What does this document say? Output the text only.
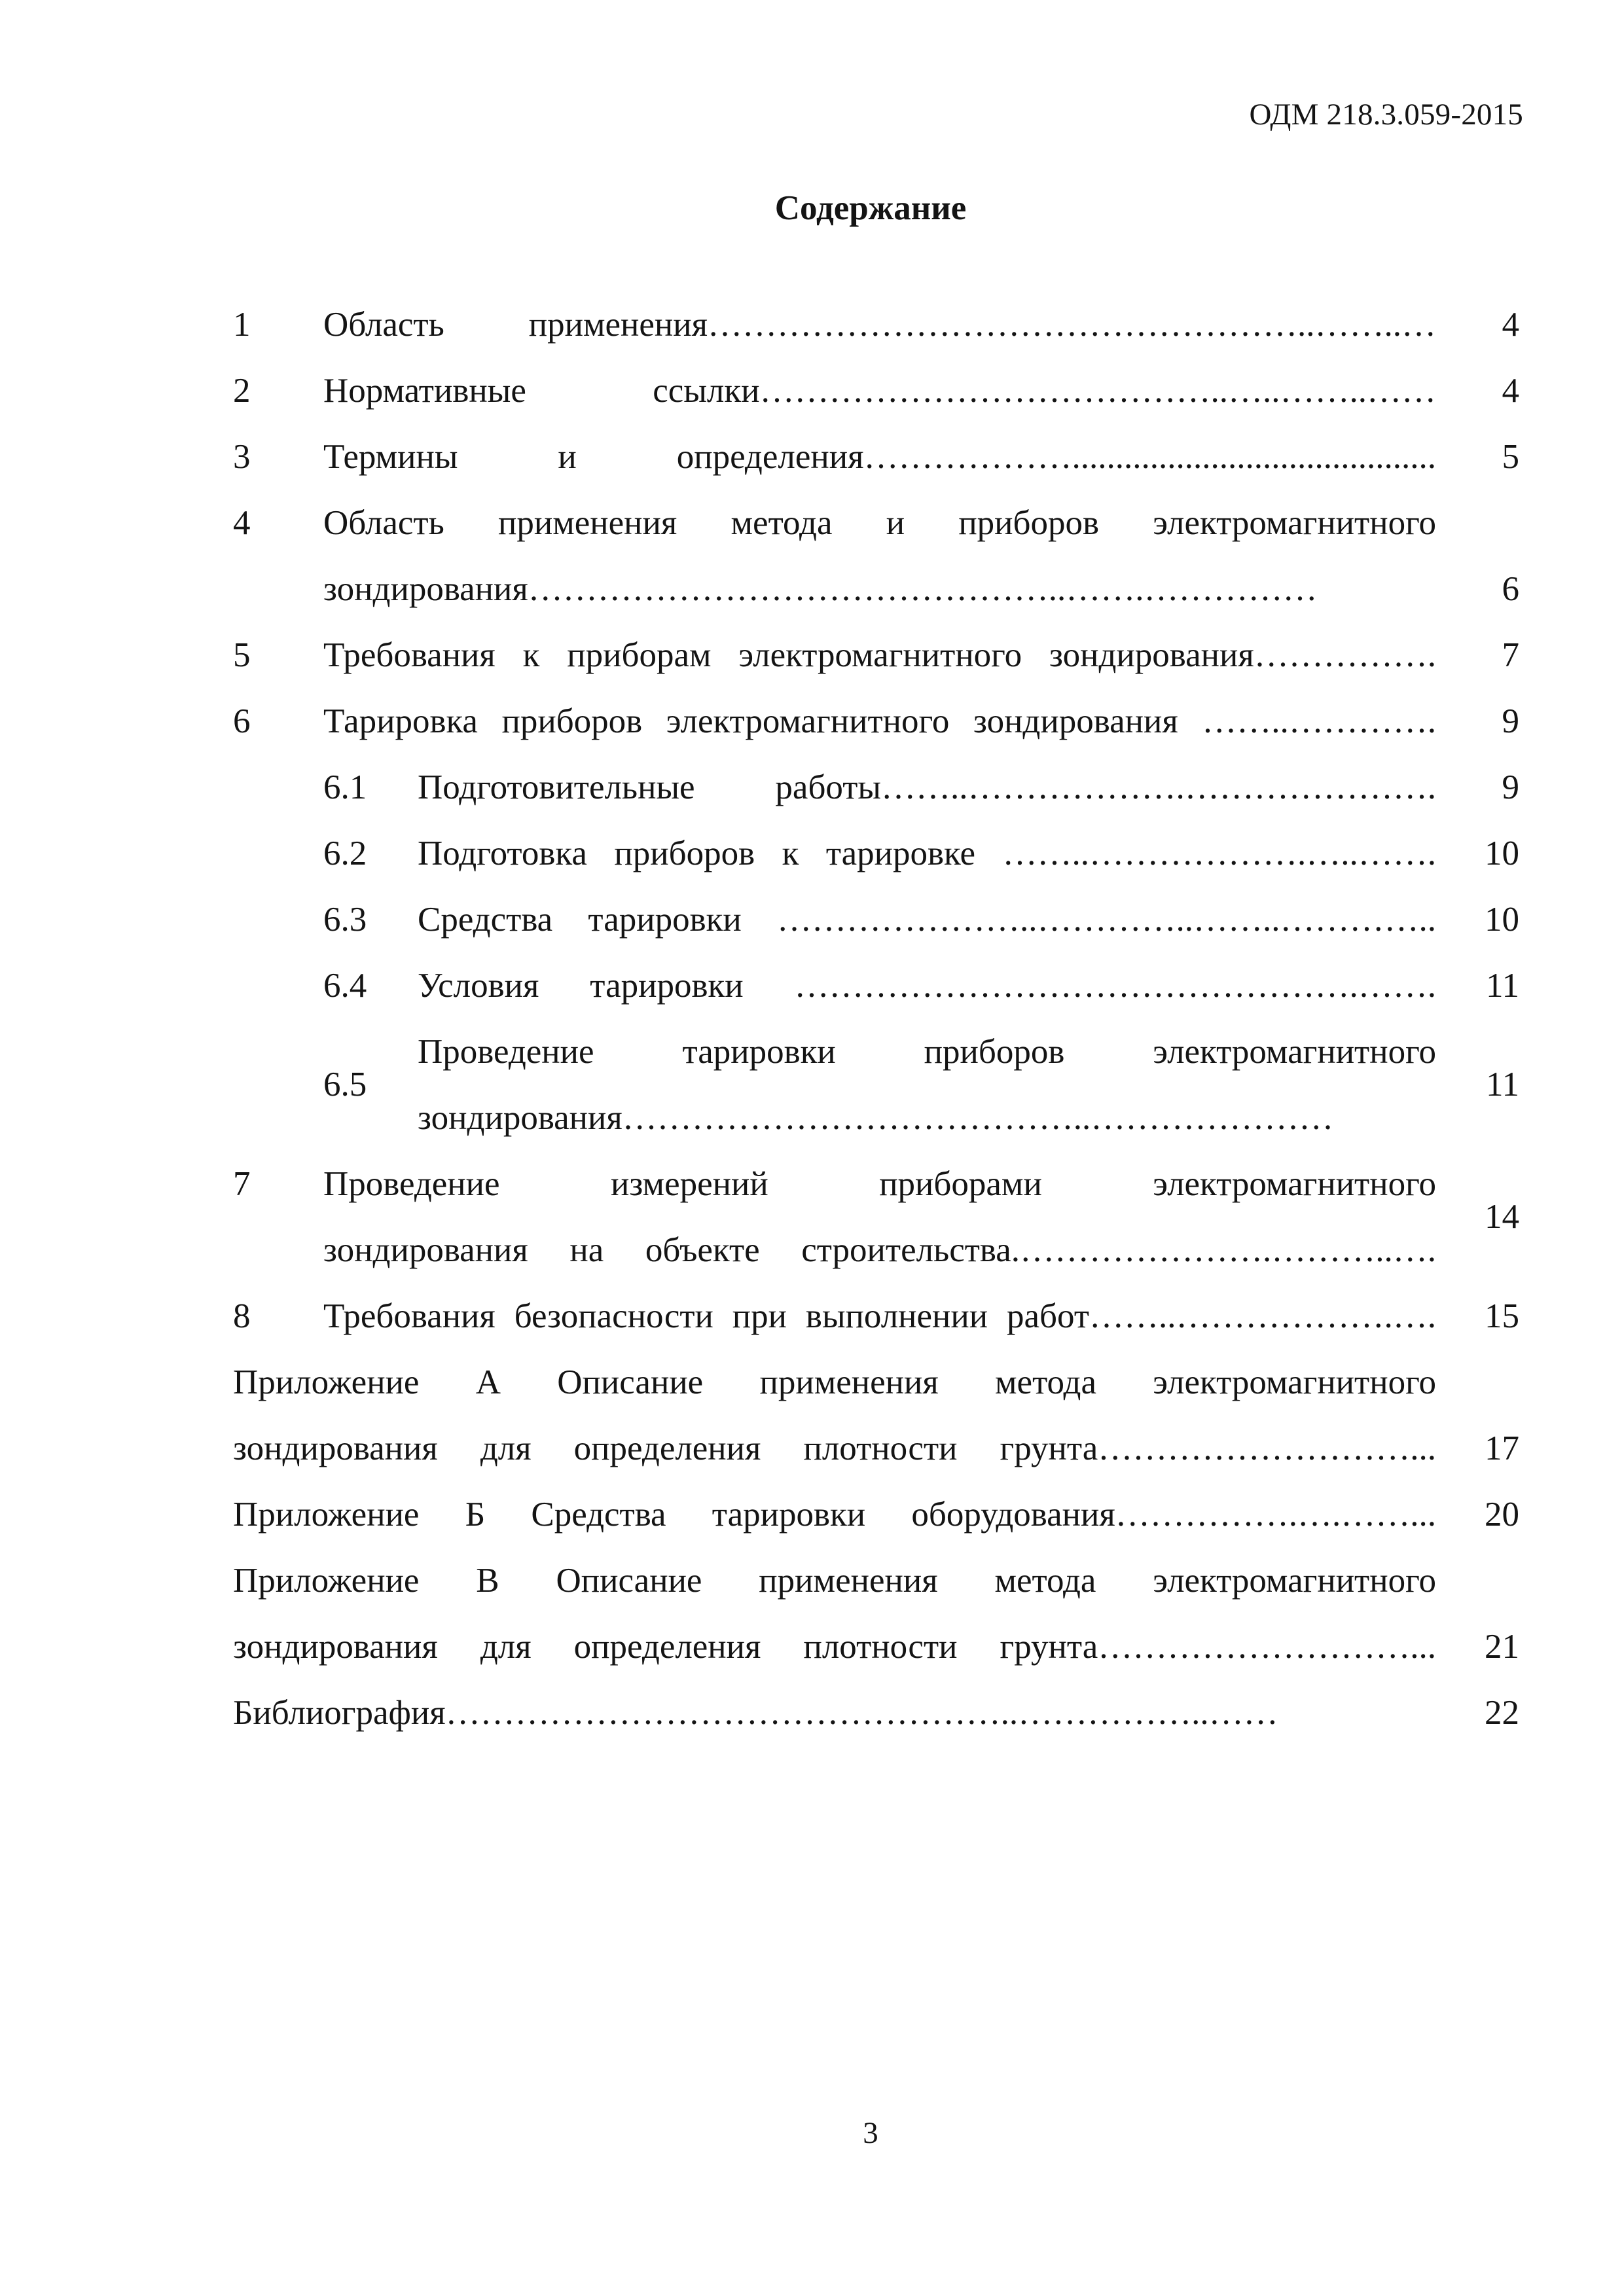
ОДМ 218.3.059-2015
Содержание
1 Область применения……………………………………………..……..… 4
2 Нормативные ссылки…………………………………..…..……..…… 4
3 Термины и определения……………….......................................... 5
4 Область применения метода и приборов электромагнитного
зондирования………………………………………..…….……………	6
5 Требования к приборам электромагнитного зондирования……………. 7
6 Тарировка приборов электромагнитного зондирования ……..…………. 9
6.1 Подготовительные работы……..……………….…………………. 9
6.2 Подготовка приборов к тарировке ……..……………….…..……. 10
6.3 Средства тарировки …………………..…………..……..………….. 10
6.4 Условия тарировки ………………………………………….……. 11
6.5
Проведение тарировки приборов электромагнитного
11
зондирования…………………………………..…………………
7 Проведение измерений приборами электромагнитного
14
зондирования на объекте строительства.………………….………..….
8 Требования безопасности при выполнении работ……..……………….…. 15
Приложение А Описание применения метода электромагнитного
зондирования для определения плотности грунта………………………... 17
Приложение Б Средства тарировки оборудования…………….….……... 20
Приложение В Описание применения метода электромагнитного
зондирования для определения плотности грунта………………………... 21
Библиография…………………………………………..……………..……	22
3
